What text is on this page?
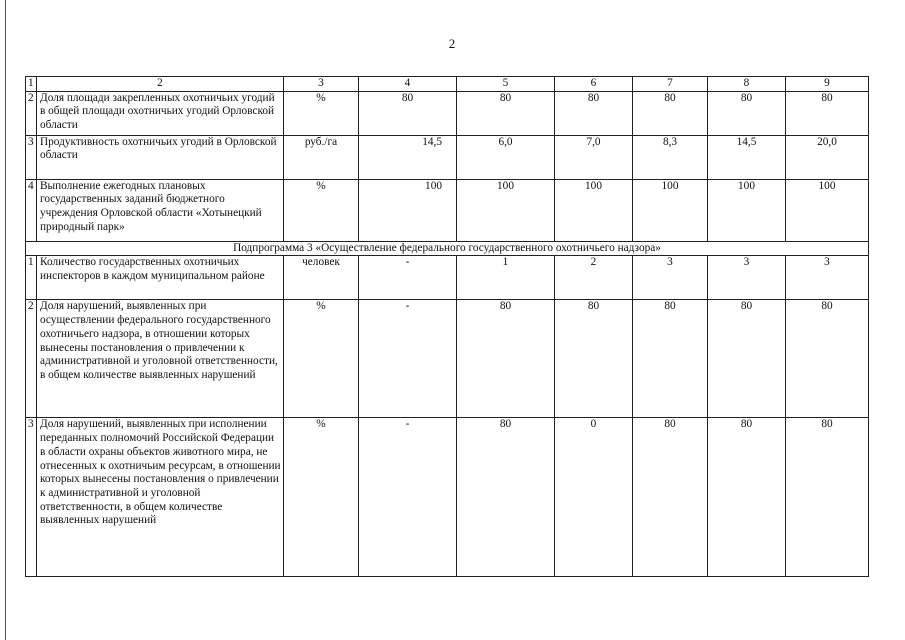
2
1	2	3	4	5	6	7	8	9
2	Доля площади закрепленных охотничьих угодий в общей площади охотничьих угодий Орловской области	%	80	80	80	80	80	80
3	Продуктивность охотничьих угодий в Орловской области	руб./га	14,5	6,0	7,0	8,3	14,5	20,0
4	Выполнение ежегодных плановых государственных заданий бюджетного учреждения Орловской области «Хотынецкий природный парк»	%	100	100	100	100	100	100
Подпрограмма 3 «Осуществление федерального государственного охотничьего надзора»								
1	Количество государственных охотничьих инспекторов в каждом муниципальном районе	человек	-	1	2	3	3	3
2	Доля нарушений, выявленных при осуществлении федерального государственного охотничьего надзора, в отношении которых вынесены постановления о привлечении к административной и уголовной ответственности, в общем количестве выявленных нарушений	%	-	80	80	80	80	80
3	Доля нарушений, выявленных при исполнении переданных полномочий Российской Федерации в области охраны объектов животного мира, не отнесенных к охотничьим ресурсам, в отношении которых вынесены постановления о привлечении к административной и уголовной ответственности, в общем количестве выявленных нарушений	%	-	80	0	80	80	80
